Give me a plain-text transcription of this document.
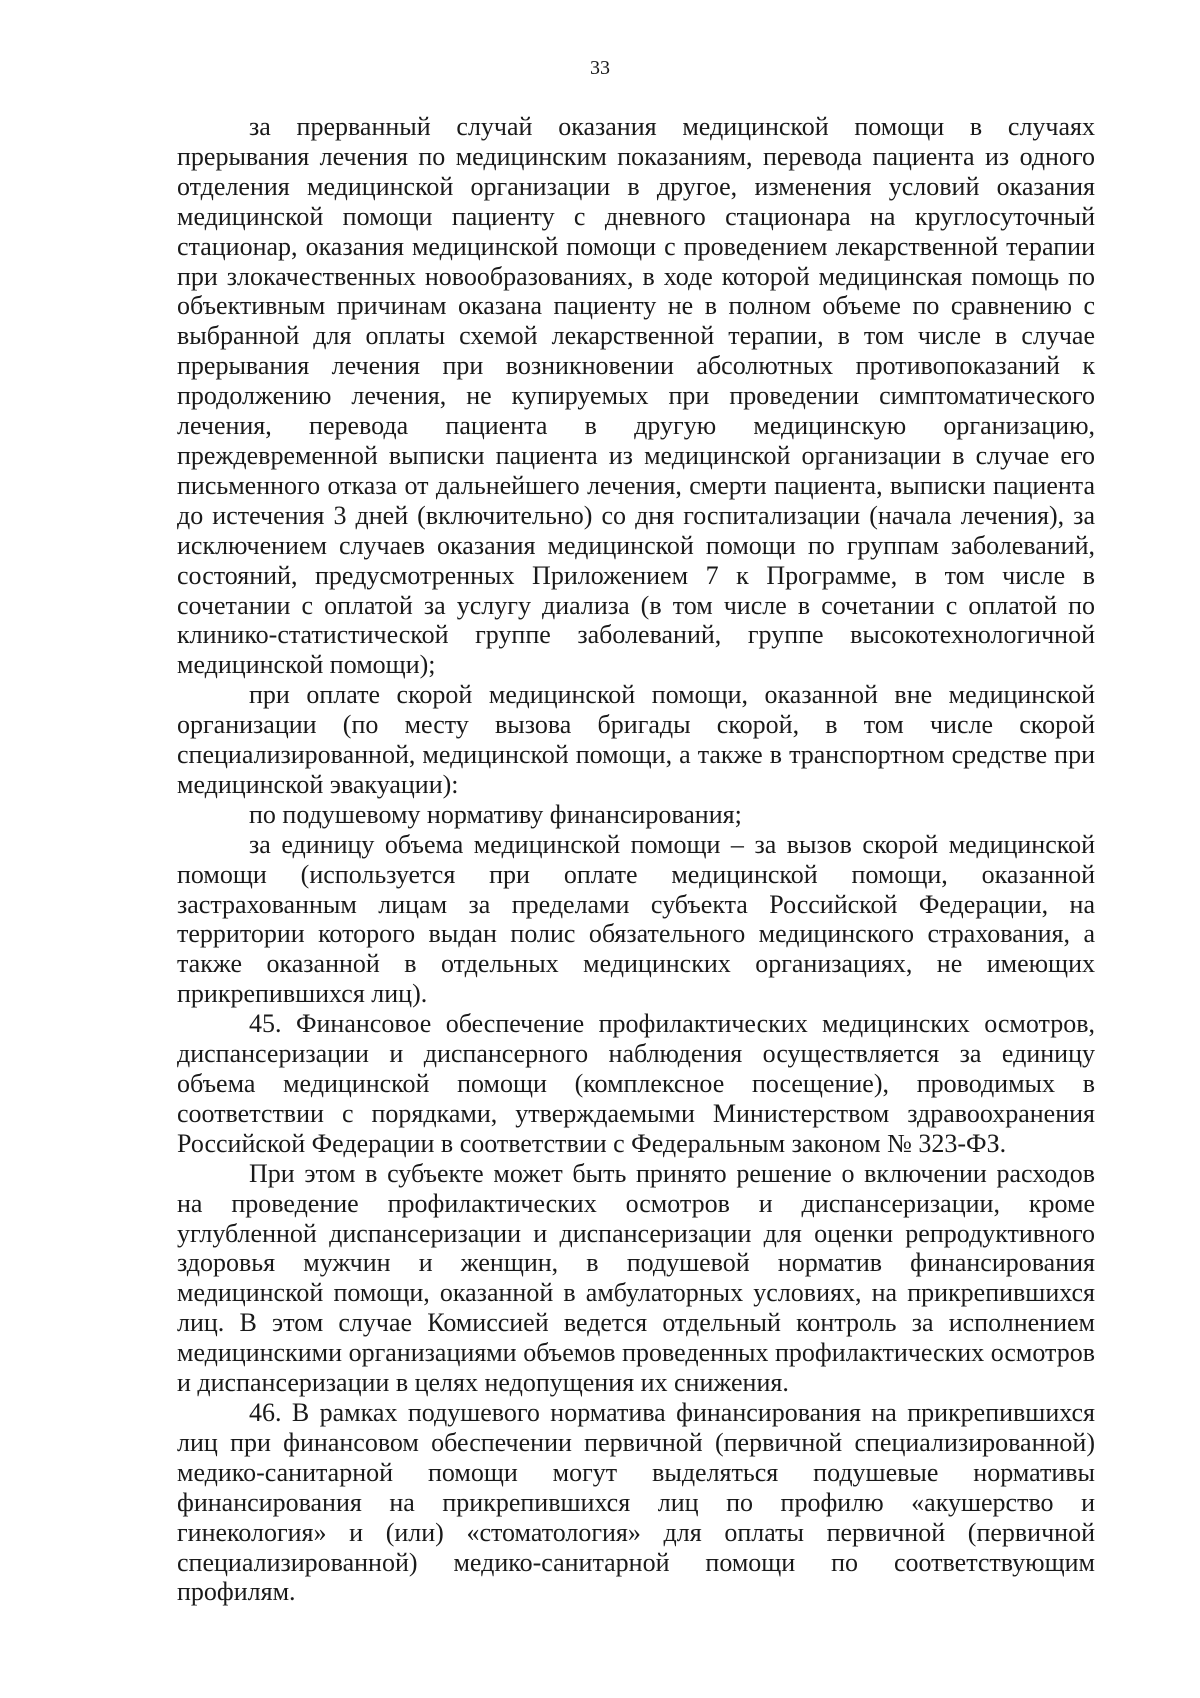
33

за прерванный случай оказания медицинской помощи в случаях прерывания лечения по медицинским показаниям, перевода пациента из одного отделения медицинской организации в другое, изменения условий оказания медицинской помощи пациенту с дневного стационара на круглосуточный стационар, оказания медицинской помощи с проведением лекарственной терапии при злокачественных новообразованиях, в ходе которой медицинская помощь по объективным причинам оказана пациенту не в полном объеме по сравнению с выбранной для оплаты схемой лекарственной терапии, в том числе в случае прерывания лечения при возникновении абсолютных противопоказаний к продолжению лечения, не купируемых при проведении симптоматического лечения, перевода пациента в другую медицинскую организацию, преждевременной выписки пациента из медицинской организации в случае его письменного отказа от дальнейшего лечения, смерти пациента, выписки пациента до истечения 3 дней (включительно) со дня госпитализации (начала лечения), за исключением случаев оказания медицинской помощи по группам заболеваний, состояний, предусмотренных Приложением 7 к Программе, в том числе в сочетании с оплатой за услугу диализа (в том числе в сочетании с оплатой по клинико-статистической группе заболеваний, группе высокотехнологичной медицинской помощи);

при оплате скорой медицинской помощи, оказанной вне медицинской организации (по месту вызова бригады скорой, в том числе скорой специализированной, медицинской помощи, а также в транспортном средстве при медицинской эвакуации):

по подушевому нормативу финансирования;

за единицу объема медицинской помощи – за вызов скорой медицинской помощи (используется при оплате медицинской помощи, оказанной застрахованным лицам за пределами субъекта Российской Федерации, на территории которого выдан полис обязательного медицинского страхования, а также оказанной в отдельных медицинских организациях, не имеющих прикрепившихся лиц).

45. Финансовое обеспечение профилактических медицинских осмотров, диспансеризации и диспансерного наблюдения осуществляется за единицу объема медицинской помощи (комплексное посещение), проводимых в соответствии с порядками, утверждаемыми Министерством здравоохранения Российской Федерации в соответствии с Федеральным законом № 323-ФЗ.

При этом в субъекте может быть принято решение о включении расходов на проведение профилактических осмотров и диспансеризации, кроме углубленной диспансеризации и диспансеризации для оценки репродуктивного здоровья мужчин и женщин, в подушевой норматив финансирования медицинской помощи, оказанной в амбулаторных условиях, на прикрепившихся лиц. В этом случае Комиссией ведется отдельный контроль за исполнением медицинскими организациями объемов проведенных профилактических осмотров и диспансеризации в целях недопущения их снижения.

46. В рамках подушевого норматива финансирования на прикрепившихся лиц при финансовом обеспечении первичной (первичной специализированной) медико-санитарной помощи могут выделяться подушевые нормативы финансирования на прикрепившихся лиц по профилю «акушерство и гинекология» и (или) «стоматология» для оплаты первичной (первичной специализированной) медико-санитарной помощи по соответствующим профилям.
